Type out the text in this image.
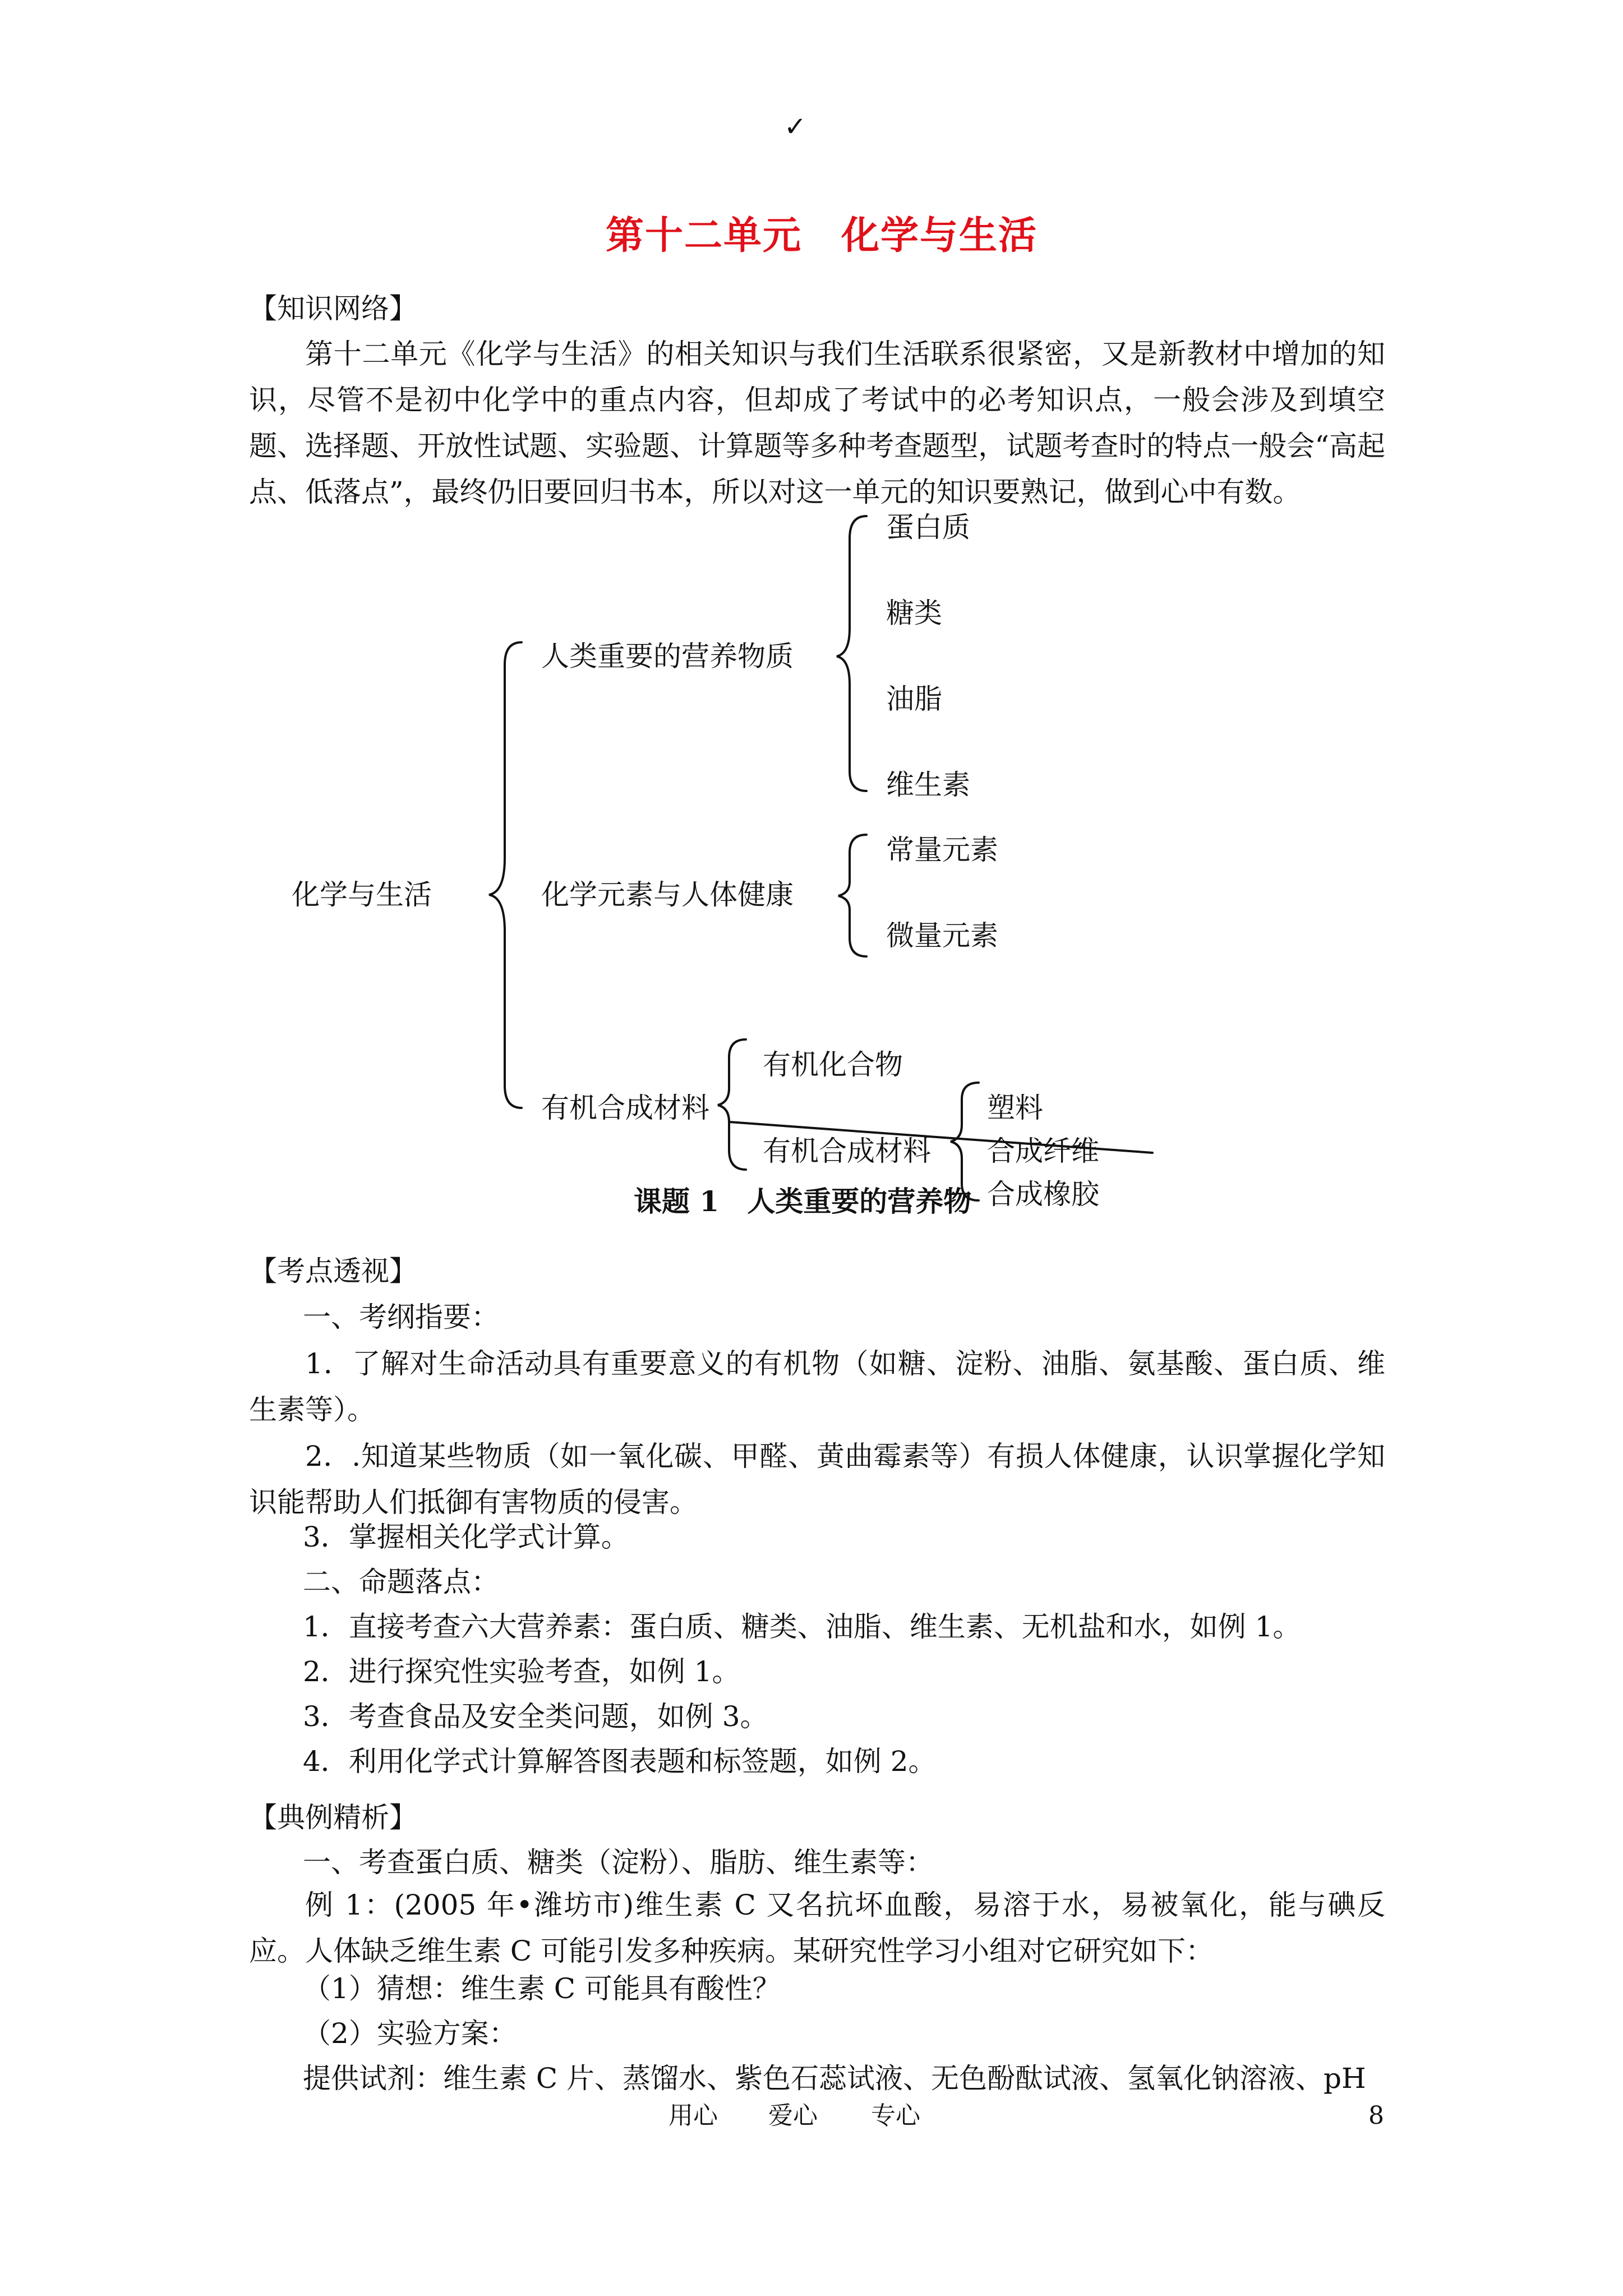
✓
第十二单元　化学与生活
【知识网络】
第十二单元《化学与生活》的相关知识与我们生活联系很紧密，又是新教材中增加的知识，尽管不是初中化学中的重点内容，但却成了考试中的必考知识点，一般会涉及到填空题、选择题、开放性试题、实验题、计算题等多种考查题型，试题考查时的特点一般会“高起点、低落点”，最终仍旧要回归书本，所以对这一单元的知识要熟记，做到心中有数。
化学与生活
人类重要的营养物质
蛋白质
糖类
油脂
维生素
化学元素与人体健康
常量元素
微量元素
有机合成材料
有机化合物
有机合成材料
塑料
合成纤维
合成橡胶
课题 1　人类重要的营养物
【考点透视】
一、考纲指要：
1．了解对生命活动具有重要意义的有机物（如糖、淀粉、油脂、氨基酸、蛋白质、维生素等）。
2．.知道某些物质（如一氧化碳、甲醛、黄曲霉素等）有损人体健康，认识掌握化学知识能帮助人们抵御有害物质的侵害。
3．掌握相关化学式计算。
二、命题落点：
1．直接考查六大营养素：蛋白质、糖类、油脂、维生素、无机盐和水，如例 1。
2．进行探究性实验考查，如例 1。
3．考查食品及安全类问题，如例 3。
4．利用化学式计算解答图表题和标签题，如例 2。
【典例精析】
一、考查蛋白质、糖类（淀粉）、脂肪、维生素等：
例 1：(2005 年•潍坊市)维生素 C 又名抗坏血酸，易溶于水，易被氧化，能与碘反应。人体缺乏维生素 C 可能引发多种疾病。某研究性学习小组对它研究如下：
（1）猜想：维生素 C 可能具有酸性？
（2）实验方案：
提供试剂：维生素 C 片、蒸馏水、紫色石蕊试液、无色酚酞试液、氢氧化钠溶液、pH
用心 爱心 专心	8
